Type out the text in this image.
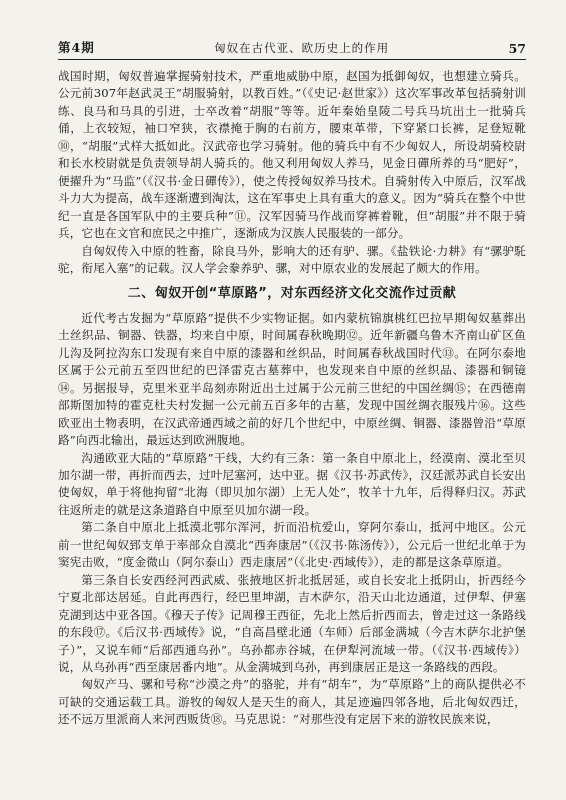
第4期	匈奴在古代亚、欧历史上的作用	57

战国时期，匈奴普遍掌握骑射技术，严重地威胁中原，赵国为抵御匈奴，也想建立骑兵。公元前307年赵武灵王“胡服骑射，以教百姓。”（《史记·赵世家》）这次军事改革包括骑射训练、良马和马具的引进，士卒改着“胡服”等等。近年秦始皇陵二号兵马坑出土一批骑兵俑，上衣较短，袖口窄狭，衣襟掩于胸的右前方，腰束革带，下穿紧口长裤，足登短靴⑩，“胡服”式样大抵如此。汉武帝也学习骑射。他的骑兵中有不少匈奴人，所设胡骑校尉和长水校尉就是负责领导胡人骑兵的。他又利用匈奴人养马，见金日磾所养的马“肥好”，便擢升为“马监”（《汉书·金日磾传》），使之传授匈奴养马技术。自骑射传入中原后，汉军战斗力大为提高，战车逐渐遭到淘汰，这在军事史上具有重大的意义。因为“骑兵在整个中世纪一直是各国军队中的主要兵种”⑪。汉军因骑马作战而穿裤着靴，但“胡服”并不限于骑兵，它也在文官和庶民之中推广，逐渐成为汉族人民服装的一部分。

自匈奴传入中原的牲畜，除良马外，影响大的还有驴、骡。《盐铁论·力耕》有“骡驴馲驼，衔尾入塞”的记载。汉人学会豢养驴、骡，对中原农业的发展起了颇大的作用。

二、匈奴开创“草原路”，对东西经济文化交流作过贡献

近代考古发掘为“草原路”提供不少实物证据。如内蒙杭锦旗桃红巴拉早期匈奴墓葬出土丝织品、铜器、铁器，均来自中原，时间属春秋晚期⑫。近年新疆乌鲁木齐南山矿区鱼儿沟及阿拉沟东口发现有来自中原的漆器和丝织品，时间属春秋战国时代⑬。在阿尔泰地区属于公元前五至四世纪的巴泽雷克古墓葬中，也发现来自中原的丝织品、漆器和铜镜⑭。另据报导，克里米亚半岛刻赤附近出土过属于公元前三世纪的中国丝绸⑮；在西德南部斯图加特的霍克杜夫村发掘一公元前五百多年的古墓，发现中国丝绸衣服残片⑯。这些欧亚出土物表明，在汉武帝通西域之前的好几个世纪中，中原丝绸、铜器、漆器曾沿“草原路”向西北输出，最远达到欧洲腹地。

沟通欧亚大陆的“草原路”干线，大约有三条：第一条自中原北上，经漠南、漠北至贝加尔湖一带，再折而西去，过叶尼塞河，达中亚。据《汉书·苏武传》，汉廷派苏武自长安出使匈奴，单于将他拘留“北海（即贝加尔湖）上无人处”，牧羊十九年，后得释归汉。苏武往返所走的就是这条道路自中原至贝加尔湖一段。

第二条自中原北上抵漠北鄂尔浑河，折而沿杭爱山，穿阿尔泰山，抵河中地区。公元前一世纪匈奴郅支单于率部众自漠北“西奔康居”（《汉书·陈汤传》），公元后一世纪北单于为窦宪击败，“度金微山（阿尔泰山）西走康居”（《北史·西域传》），走的都是这条草原道。

第三条自长安西经河西武威、张掖地区折北抵居延，或自长安北上抵阴山，折西经今宁夏北部达居延。自此再西行，经巴里坤湖，吉木萨尔，沿天山北边通道，过伊犁、伊塞克湖到达中亚各国。《穆天子传》记周穆王西征，先北上然后折西而去，曾走过这一条路线的东段⑰。《后汉书·西域传》说，“自高昌壁北通（车师）后部金满城（今吉木萨尔北护堡子）”，又说车师“后部西通乌孙”。乌孙都赤谷城，在伊犁河流域一带。（《汉书·西域传》）说，从乌孙再“西至康居番内地”。从金满城到乌孙，再到康居正是这一条路线的西段。

匈奴产马、骡和号称“沙漠之舟”的骆驼，并有“胡车”，为“草原路”上的商队提供必不可缺的交通运载工具。游牧的匈奴人是天生的商人，其足迹遍四邻各地，后北匈奴西迁，还不远万里派商人来河西贩货⑱。马克思说：“对那些没有定居下来的游牧民族来说，
